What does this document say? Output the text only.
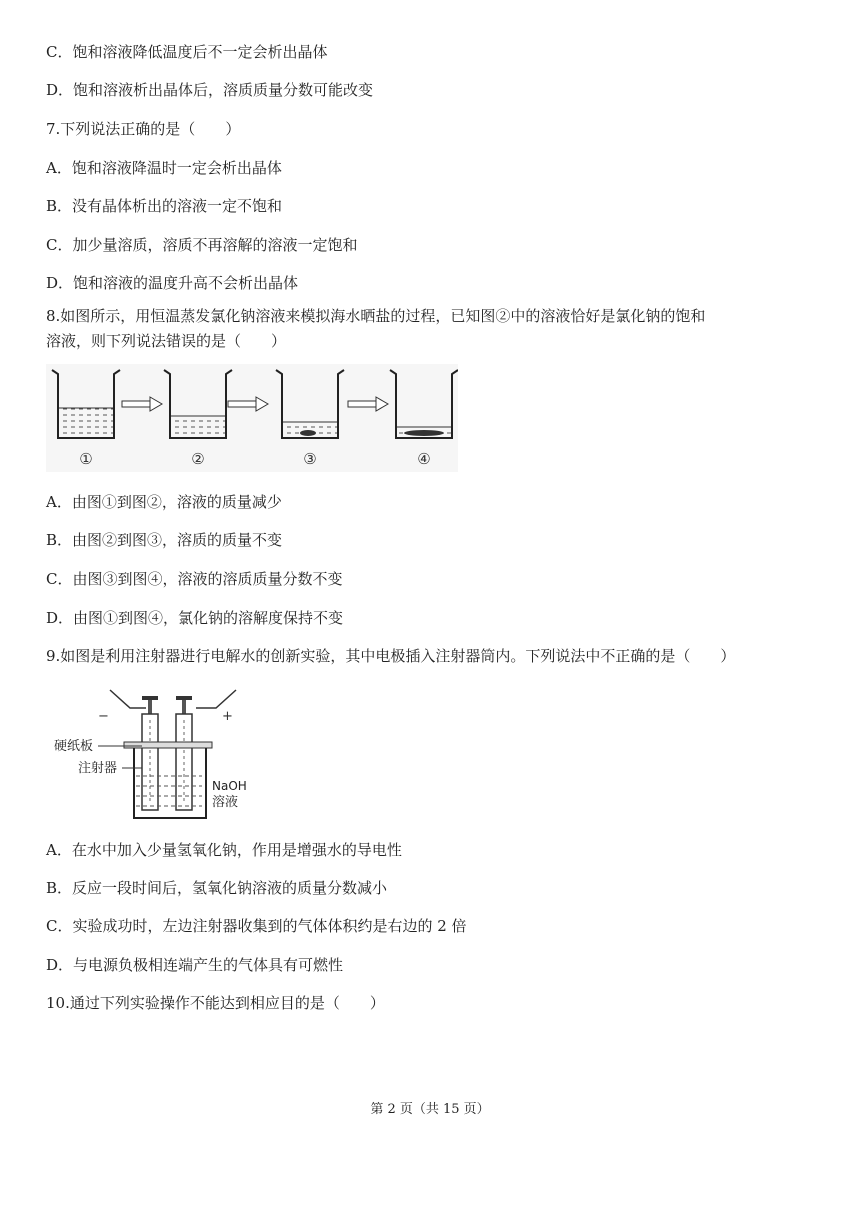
C．饱和溶液降低温度后不一定会析出晶体
D．饱和溶液析出晶体后，溶质质量分数可能改变
7.下列说法正确的是（　　）
A．饱和溶液降温时一定会析出晶体
B．没有晶体析出的溶液一定不饱和
C．加少量溶质，溶质不再溶解的溶液一定饱和
D．饱和溶液的温度升高不会析出晶体
8.如图所示，用恒温蒸发氯化钠溶液来模拟海水晒盐的过程，已知图②中的溶液恰好是氯化钠的饱和
溶液，则下列说法错误的是（　　）
①	②	③	④
A．由图①到图②，溶液的质量减少
B．由图②到图③，溶质的质量不变
C．由图③到图④，溶液的溶质质量分数不变
D．由图①到图④，氯化钠的溶解度保持不变
9.如图是利用注射器进行电解水的创新实验，其中电极插入注射器筒内。下列说法中不正确的是（　　）
−	+
硬纸板
注射器
NaOH
溶液
A．在水中加入少量氢氧化钠，作用是增强水的导电性
B．反应一段时间后，氢氧化钠溶液的质量分数减小
C．实验成功时，左边注射器收集到的气体体积约是右边的 2 倍
D．与电源负极相连端产生的气体具有可燃性
10.通过下列实验操作不能达到相应目的是（　　）
第 2 页（共 15 页）
